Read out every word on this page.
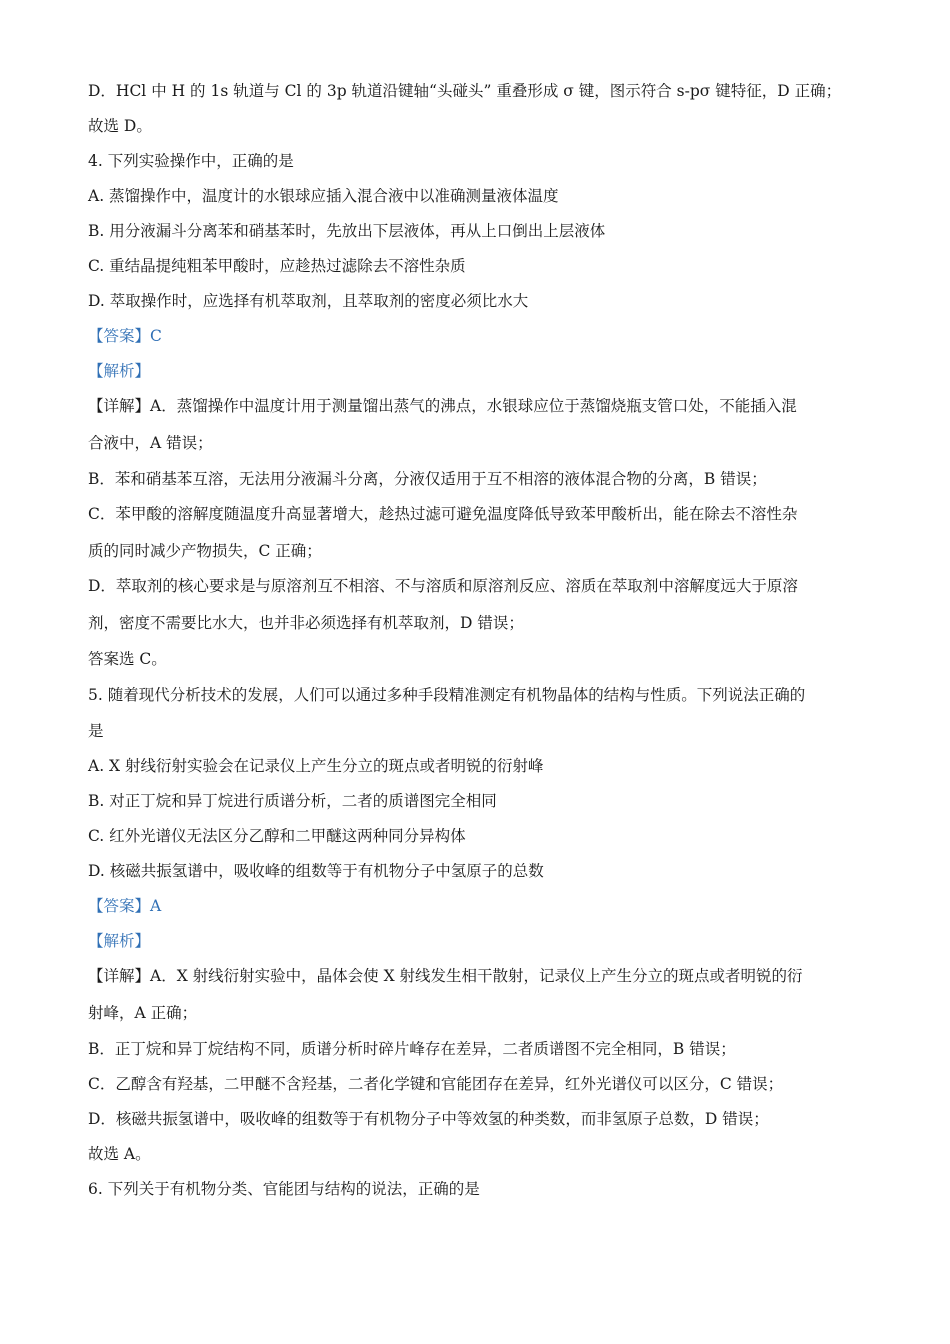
D．HCl 中 H 的 1s 轨道与 Cl 的 3p 轨道沿键轴“头碰头” 重叠形成 σ 键，图示符合 s-pσ 键特征，D 正确；
故选 D。
4. 下列实验操作中，正确的是
A. 蒸馏操作中，温度计的水银球应插入混合液中以准确测量液体温度
B. 用分液漏斗分离苯和硝基苯时，先放出下层液体，再从上口倒出上层液体
C. 重结晶提纯粗苯甲酸时，应趁热过滤除去不溶性杂质
D. 萃取操作时，应选择有机萃取剂，且萃取剂的密度必须比水大
【答案】C
【解析】
【详解】A．蒸馏操作中温度计用于测量馏出蒸气的沸点，水银球应位于蒸馏烧瓶支管口处，不能插入混
合液中，A 错误；
B．苯和硝基苯互溶，无法用分液漏斗分离，分液仅适用于互不相溶的液体混合物的分离，B 错误；
C．苯甲酸的溶解度随温度升高显著增大，趁热过滤可避免温度降低导致苯甲酸析出，能在除去不溶性杂
质的同时减少产物损失，C 正确；
D．萃取剂的核心要求是与原溶剂互不相溶、不与溶质和原溶剂反应、溶质在萃取剂中溶解度远大于原溶
剂，密度不需要比水大，也并非必须选择有机萃取剂，D 错误；
答案选 C。
5. 随着现代分析技术的发展，人们可以通过多种手段精准测定有机物晶体的结构与性质。下列说法正确的
是
A. X 射线衍射实验会在记录仪上产生分立的斑点或者明锐的衍射峰
B. 对正丁烷和异丁烷进行质谱分析，二者的质谱图完全相同
C. 红外光谱仪无法区分乙醇和二甲醚这两种同分异构体
D. 核磁共振氢谱中，吸收峰的组数等于有机物分子中氢原子的总数
【答案】A
【解析】
【详解】A．X 射线衍射实验中，晶体会使 X 射线发生相干散射，记录仪上产生分立的斑点或者明锐的衍
射峰，A 正确；
B．正丁烷和异丁烷结构不同，质谱分析时碎片峰存在差异，二者质谱图不完全相同，B 错误；
C．乙醇含有羟基，二甲醚不含羟基，二者化学键和官能团存在差异，红外光谱仪可以区分，C 错误；
D．核磁共振氢谱中，吸收峰的组数等于有机物分子中等效氢的种类数，而非氢原子总数，D 错误；
故选 A。
6. 下列关于有机物分类、官能团与结构的说法，正确的是
